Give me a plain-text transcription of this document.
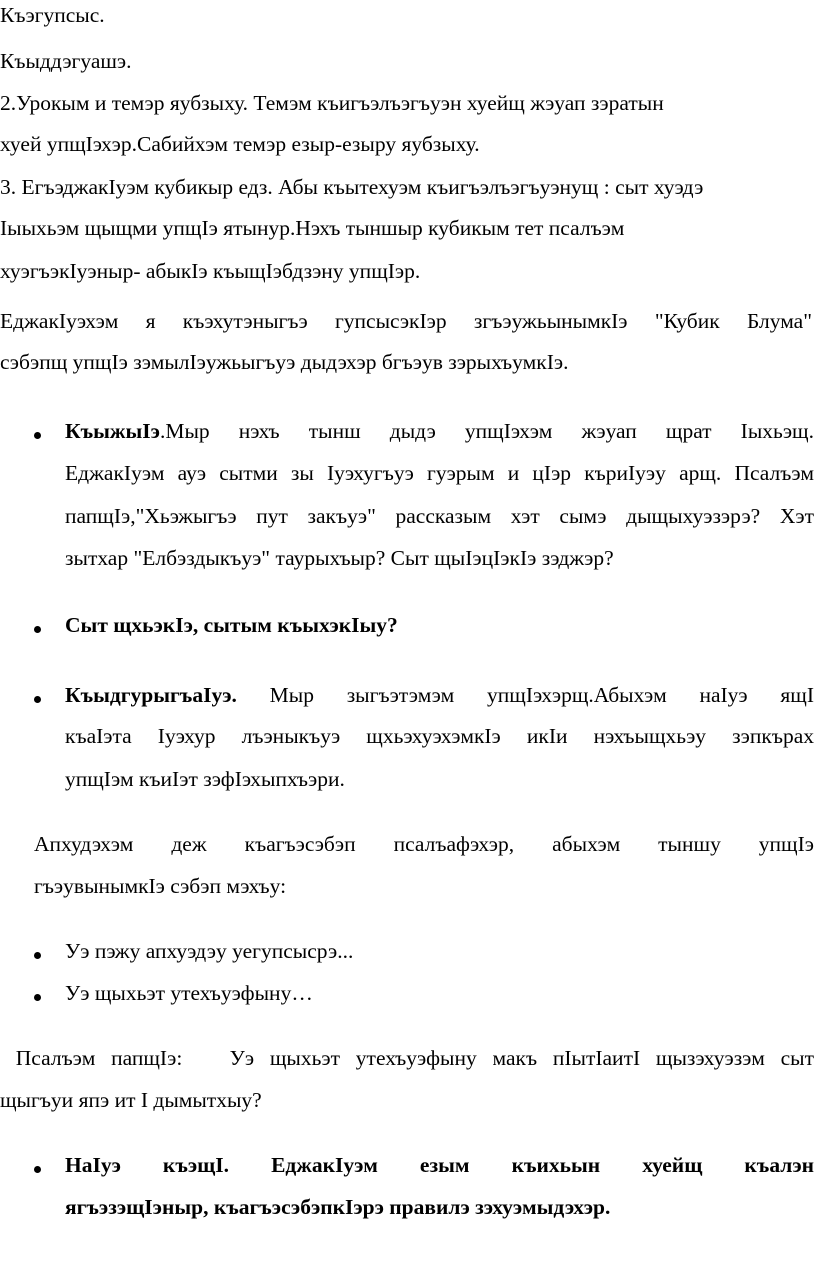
Къэгупсыс.
Къыддэгуашэ.
2.Урокым и темэр яубзыху. Темэм къигъэлъэгъуэн хуейщ жэуап зэратын
хуей упщIэхэр.Сабийхэм темэр езыр-езыру яубзыху.
3. ЕгъэджакIуэм кубикыр едз. Абы къытехуэм къигъэлъэгъуэнущ : сыт хуэдэ
Iыыхьэм щыщми упщIэ ятынур.Нэхъ тыншыр кубикым тет псалъэм
хуэгъэкIуэныр- абыкIэ къыщIэбдзэну упщIэр.
ЕджакIуэхэм я къэхутэныгъэ гупсысэкIэр згъэужьынымкIэ "Кубик Блума"
сэбэпщ упщIэ зэмылIэужьыгъуэ дыдэхэр бгъэув зэрыхъумкIэ.
КъыжыIэ.Мыр нэхъ тынш дыдэ упщIэхэм жэуап щрат Iыхьэщ.
ЕджакIуэм ауэ сытми зы Iуэхугъуэ гуэрым и цIэр къриIуэу арщ. Псалъэм
папщIэ,"Хьэжыгъэ пут закъуэ" рассказым хэт сымэ дыщыхуэзэрэ? Хэт
зытхар "Елбэздыкъуэ" таурыхъыр? Сыт щыIэцIэкIэ зэджэр?
Сыт щхьэкIэ, сытым къыхэкIыу?
КъыдгурыгъаIуэ. Мыр зыгъэтэмэм упщIэхэрщ.Абыхэм наIуэ ящI
къаIэта Iуэхур лъэныкъуэ щхьэхуэхэмкIэ икIи нэхъыщхьэу зэпкърах
упщIэм къиIэт зэфIэхыпхъэри.
Апхудэхэм деж къагъэсэбэп псалъафэхэр, абыхэм тыншу упщIэ
гъэувынымкIэ сэбэп мэхъу:
Уэ пэжу апхуэдэу уегупсысрэ...
Уэ щыхьэт утехъуэфыну…
Псалъэм папщIэ:   Уэ щыхьэт утехъуэфыну макъ пIытIаитI щызэхуэзэм сыт
щыгъуи япэ ит I дымытхыу?
НаIуэ къэщI. ЕджакIуэм езым къихьын хуейщ къалэн
ягъэзэщIэныр, къагъэсэбэпкIэрэ правилэ зэхуэмыдэхэр.
